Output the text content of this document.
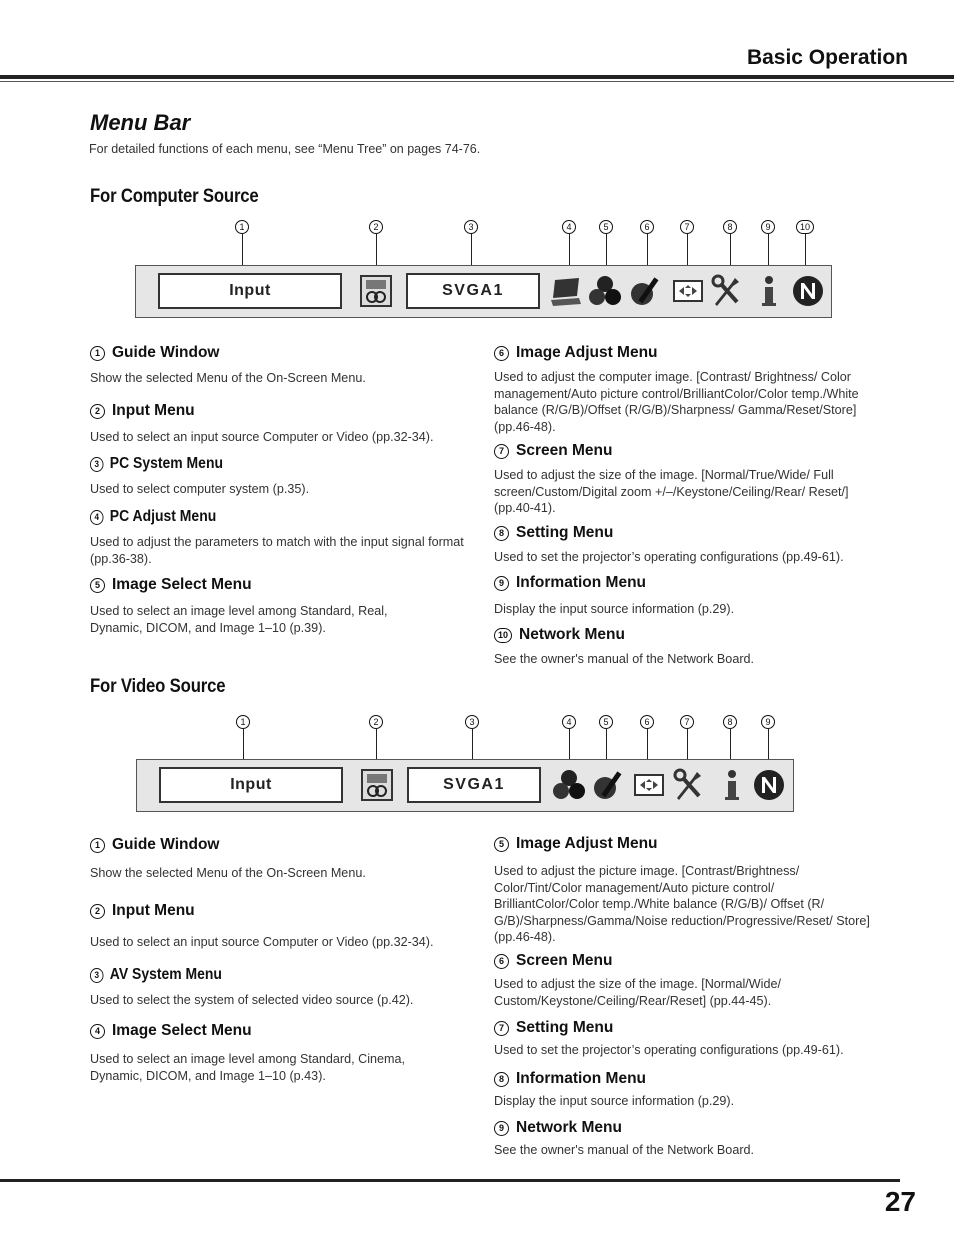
Basic Operation
Menu Bar
For detailed functions of each menu, see “Menu Tree” on pages 74-76.
For Computer Source
1	2	3	4	5	6	7	8	9	10
Input	SVGA1
1 Guide Window
Show the selected Menu of the On-Screen Menu.
2 Input Menu
Used to select an input source Computer or Video (pp.32-34).
3 PC System Menu
Used to select computer system (p.35).
4 PC Adjust Menu
Used to adjust the parameters to match with the input signal format (pp.36-38).
5 Image Select Menu
Used to select an image level among Standard, Real, Dynamic, DICOM, and Image 1–10 (p.39).
6 Image Adjust Menu
Used to adjust the computer image. [Contrast/ Brightness/ Color management/Auto picture control/BrilliantColor/Color temp./White balance (R/G/B)/Offset (R/G/B)/Sharpness/ Gamma/Reset/Store] (pp.46-48).
7 Screen Menu
Used to adjust the size of the image. [Normal/True/Wide/ Full screen/Custom/Digital zoom +/–/Keystone/Ceiling/Rear/ Reset/] (pp.40-41).
8 Setting Menu
Used to set the projector’s operating configurations (pp.49-61).
9 Information Menu
Display the input source information (p.29).
10 Network Menu
See the owner's manual of the Network Board.
For Video Source
1	2	3	4	5	6	7	8	9
Input	SVGA1
1 Guide Window
Show the selected Menu of the On-Screen Menu.
2 Input Menu
Used to select an input source Computer or Video (pp.32-34).
3 AV System Menu
Used to select the system of selected video source (p.42).
4 Image Select Menu
Used to select an image level among Standard, Cinema, Dynamic, DICOM, and Image 1–10 (p.43).
5 Image Adjust Menu
Used to adjust the picture image. [Contrast/Brightness/ Color/Tint/Color management/Auto picture control/ BrilliantColor/Color temp./White balance (R/G/B)/ Offset (R/ G/B)/Sharpness/Gamma/Noise reduction/Progressive/Reset/ Store] (pp.46-48).
6 Screen Menu
Used to adjust the size of the image. [Normal/Wide/ Custom/Keystone/Ceiling/Rear/Reset] (pp.44-45).
7 Setting Menu
Used to set the projector’s operating configurations (pp.49-61).
8 Information Menu
Display the input source information (p.29).
9 Network Menu
See the owner's manual of the Network Board.
27
